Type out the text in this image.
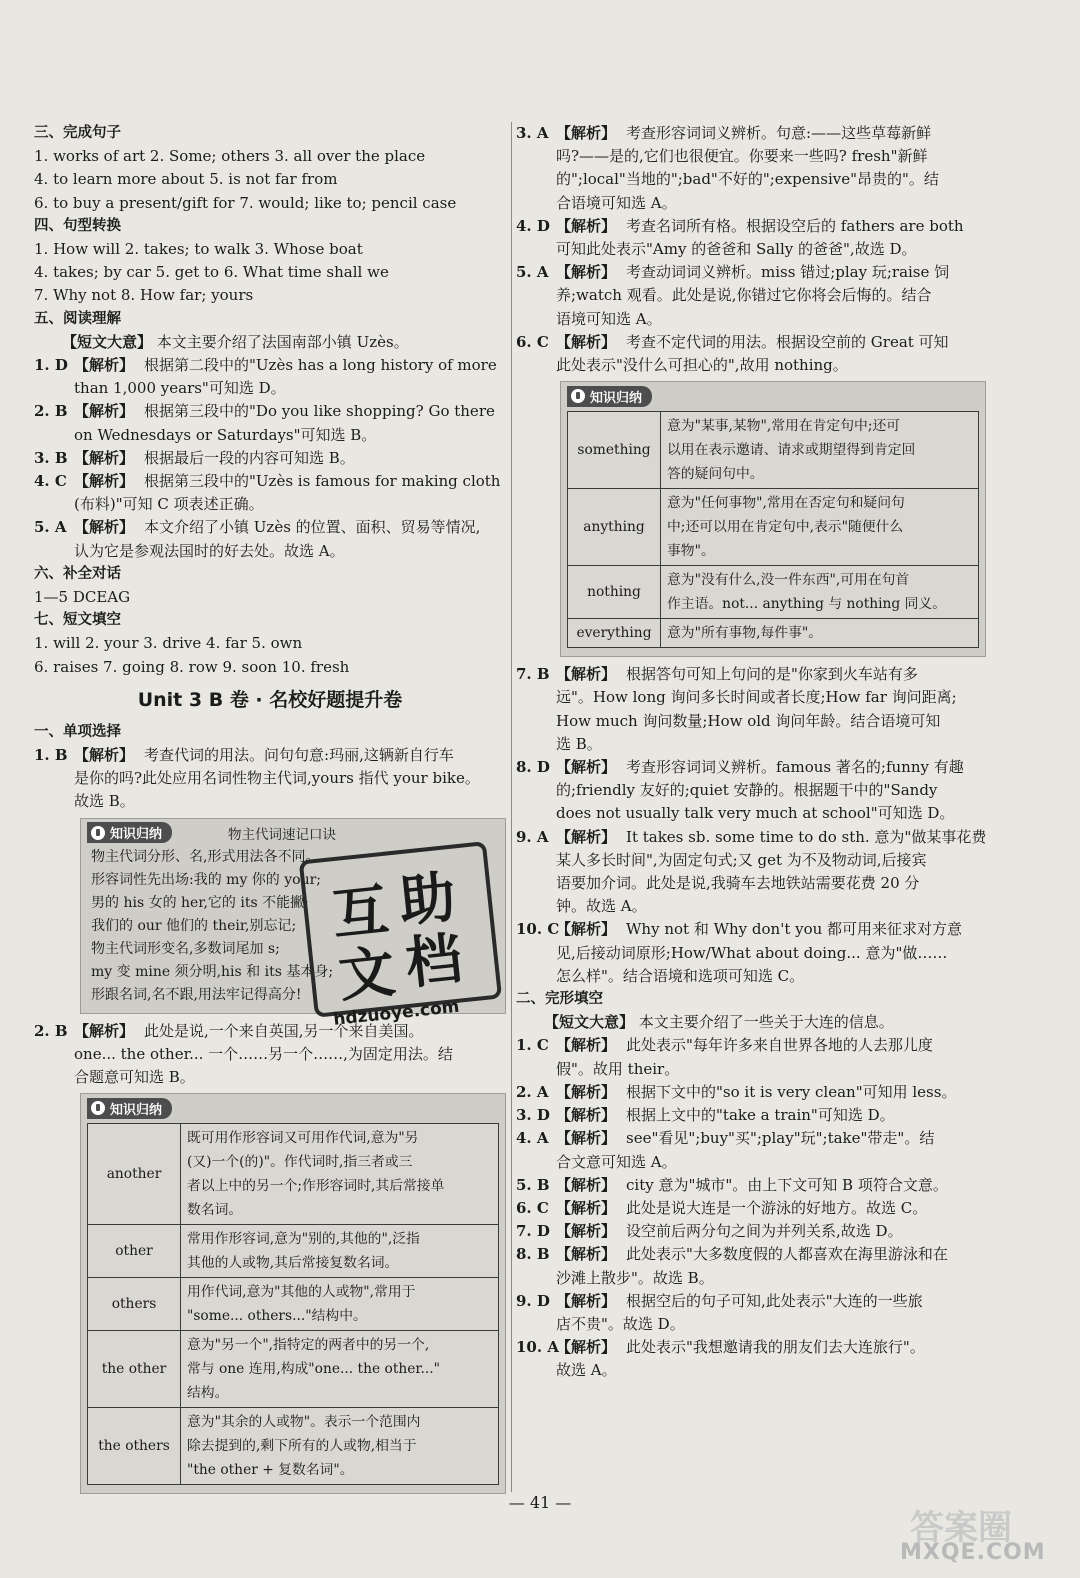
三、完成句子
1. works of art 2. Some; others 3. all over the place
4. to learn more about 5. is not far from
6. to buy a present/gift for 7. would; like to; pencil case
四、句型转换
1. How will 2. takes; to walk 3. Whose boat
4. takes; by car 5. get to 6. What time shall we
7. Why not 8. How far; yours
五、阅读理解
【短文大意】 本文主要介绍了法国南部小镇 Uzès。
1. D 【解析】 根据第二段中的"Uzès has a long history of more
than 1,000 years"可知选 D。
2. B 【解析】 根据第三段中的"Do you like shopping? Go there
on Wednesdays or Saturdays"可知选 B。
3. B 【解析】 根据最后一段的内容可知选 B。
4. C 【解析】 根据第三段中的"Uzès is famous for making cloth
(布料)"可知 C 项表述正确。
5. A 【解析】 本文介绍了小镇 Uzès 的位置、面积、贸易等情况,
认为它是参观法国时的好去处。故选 A。
六、补全对话
1—5 DCEAG
七、短文填空
1. will 2. your 3. drive 4. far 5. own
6. raises 7. going 8. row 9. soon 10. fresh
Unit 3 B 卷 · 名校好题提升卷
一、单项选择
1. B 【解析】 考查代词的用法。问句句意:玛丽,这辆新自行车
是你的吗?此处应用名词性物主代词,yours 指代 your bike。
故选 B。
知识归纳	物主代词速记口诀
物主代词分形、名,形式用法各不同。
形容词性先出场:我的 my 你的 your;
男的 his 女的 her,它的 its 不能撇;
我们的 our 他们的 their,别忘记;
物主代词形变名,多数词尾加 s;
my 变 mine 须分明,his 和 its 基本身;
形跟名词,名不跟,用法牢记得高分!
2. B 【解析】 此处是说,一个来自英国,另一个来自美国。
one... the other... 一个……另一个……,为固定用法。结
合题意可知选 B。
知识归纳
another	既可用作形容词又可用作代词,意为"另
(又)一个(的)"。作代词时,指三者或三
者以上中的另一个;作形容词时,其后常接单
数名词。

other	常用作形容词,意为"别的,其他的",泛指
其他的人或物,其后常接复数名词。

others	用作代词,意为"其他的人或物",常用于
"some... others..."结构中。

the other	意为"另一个",指特定的两者中的另一个,
常与 one 连用,构成"one... the other..."
结构。

the others	意为"其余的人或物"。表示一个范围内
除去提到的,剩下所有的人或物,相当于
"the other + 复数名词"。
3. A 【解析】 考查形容词词义辨析。句意:——这些草莓新鲜
吗?——是的,它们也很便宜。你要来一些吗? fresh"新鲜
的";local"当地的";bad"不好的";expensive"昂贵的"。结
合语境可知选 A。
4. D 【解析】 考查名词所有格。根据设空后的 fathers are both
可知此处表示"Amy 的爸爸和 Sally 的爸爸",故选 D。
5. A 【解析】 考查动词词义辨析。miss 错过;play 玩;raise 饲
养;watch 观看。此处是说,你错过它你将会后悔的。结合
语境可知选 A。
6. C 【解析】 考查不定代词的用法。根据设空前的 Great 可知
此处表示"没什么可担心的",故用 nothing。
知识归纳
something	意为"某事,某物",常用在肯定句中;还可
以用在表示邀请、请求或期望得到肯定回
答的疑问句中。

anything	意为"任何事物",常用在否定句和疑问句
中;还可以用在肯定句中,表示"随便什么
事物"。

nothing	意为"没有什么,没一件东西",可用在句首
作主语。not... anything 与 nothing 同义。

everything	意为"所有事物,每件事"。
7. B 【解析】 根据答句可知上句问的是"你家到火车站有多
远"。How long 询问多长时间或者长度;How far 询问距离;
How much 询问数量;How old 询问年龄。结合语境可知
选 B。
8. D 【解析】 考查形容词词义辨析。famous 著名的;funny 有趣
的;friendly 友好的;quiet 安静的。根据题干中的"Sandy
does not usually talk very much at school"可知选 D。
9. A 【解析】 It takes sb. some time to do sth. 意为"做某事花费
某人多长时间",为固定句式;又 get 为不及物动词,后接宾
语要加介词。此处是说,我骑车去地铁站需要花费 20 分
钟。故选 A。
10. C
【解析】 Why not 和 Why don't you 都可用来征求对方意
见,后接动词原形;How/What about doing... 意为"做……
怎么样"。结合语境和选项可知选 C。
二、完形填空
【短文大意】 本文主要介绍了一些关于大连的信息。
1. C 【解析】 此处表示"每年许多来自世界各地的人去那儿度
假"。故用 their。
2. A 【解析】 根据下文中的"so it is very clean"可知用 less。
3. D 【解析】 根据上文中的"take a train"可知选 D。
4. A 【解析】 see"看见";buy"买";play"玩";take"带走"。结
合文意可知选 A。
5. B 【解析】 city 意为"城市"。由上下文可知 B 项符合文意。
6. C 【解析】 此处是说大连是一个游泳的好地方。故选 C。
7. D 【解析】 设空前后两分句之间为并列关系,故选 D。
8. B 【解析】 此处表示"大多数度假的人都喜欢在海里游泳和在
沙滩上散步"。故选 B。
9. D 【解析】 根据空后的句子可知,此处表示"大连的一些旅
店不贵"。故选 D。
10. A
【解析】 此处表示"我想邀请我的朋友们去大连旅行"。
故选 A。
互 助
文 档
hdzuoye.com
— 41 —
答案圈
MXQE.COM
